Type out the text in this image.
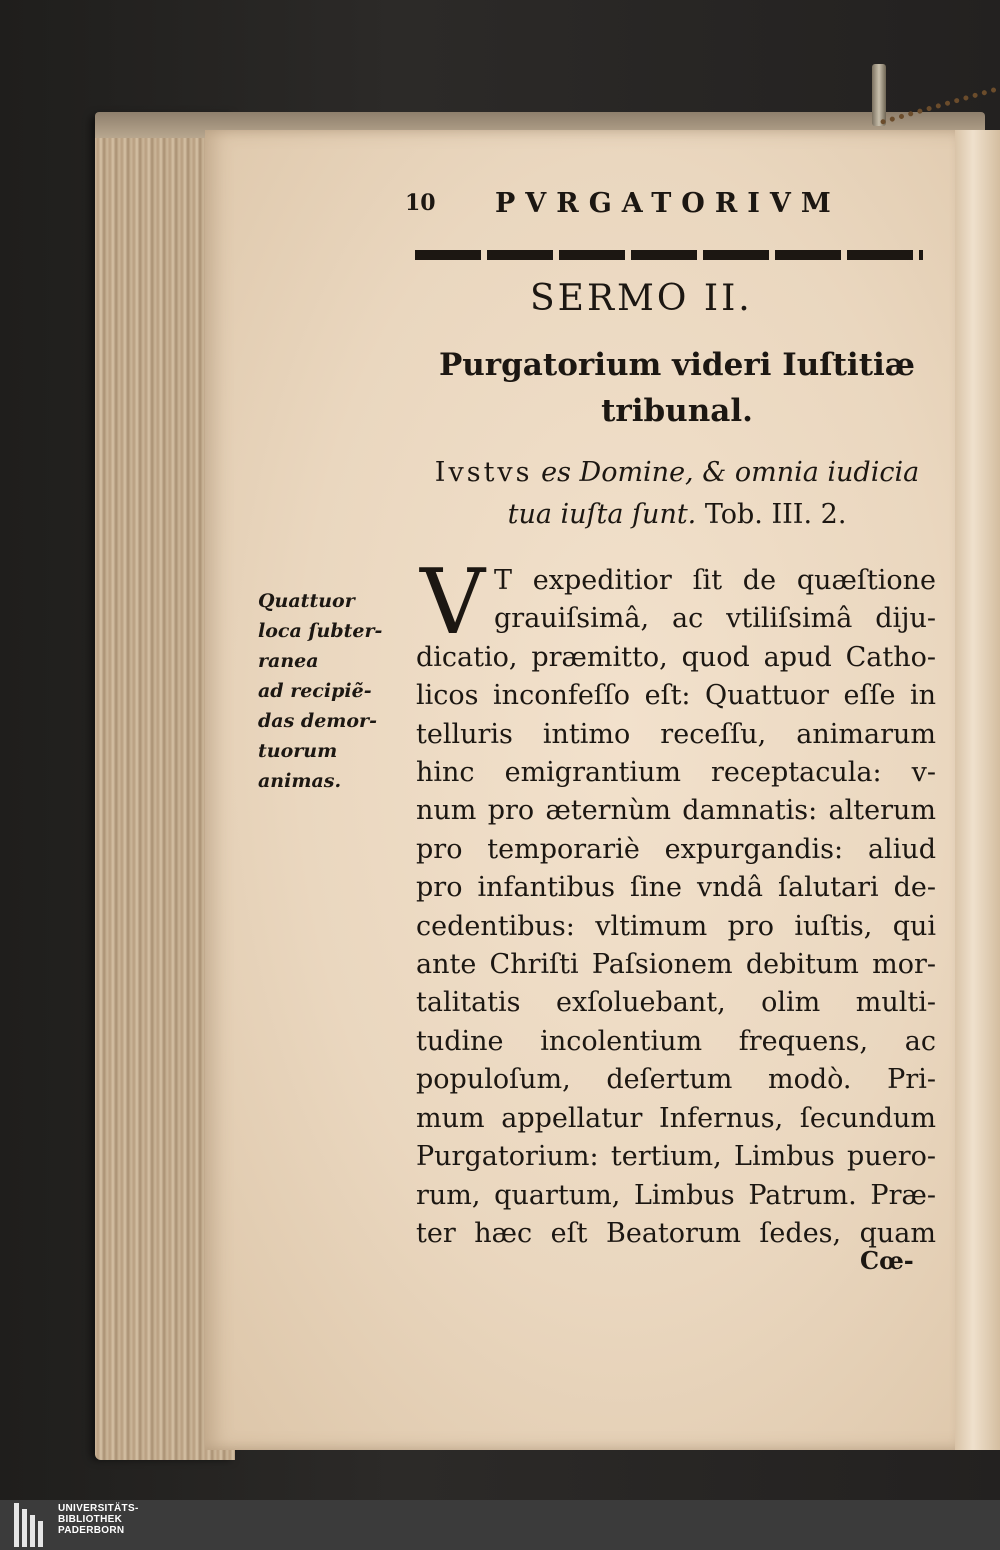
10 PVRGATORIVM
SERMO II.
Purgatorium videri Iuſtitiæ tribunal.
Ivstvs es Domine, & omnia iudicia tua iuſta ſunt. Tob. III. 2.
Quattuor
loca ſubter-
ranea
ad recipiẽ-
das demor-
tuorum
animas.
V T expeditior ſit de quæſtione
grauiſsimâ, ac vtiliſsimâ diju-
dicatio, præmitto, quod apud Catho-
licos inconfeſſo eſt: Quattuor eſſe in
telluris intimo receſſu, animarum
hinc emigrantium receptacula: v-
num pro æternùm damnatis: alterum
pro temporariè expurgandis: aliud
pro infantibus ſine vndâ ſalutari de-
cedentibus: vltimum pro iuſtis, qui
ante Chriſti Paſsionem debitum mor-
talitatis exſoluebant, olim multi-
tudine incolentium frequens, ac
populoſum, deſertum modò. Pri-
mum appellatur Infernus, ſecundum
Purgatorium: tertium, Limbus puero-
rum, quartum, Limbus Patrum. Præ-
ter hæc eſt Beatorum ſedes, quam
Cœ-
UNIVERSITÄTS-
BIBLIOTHEK
PADERBORN
